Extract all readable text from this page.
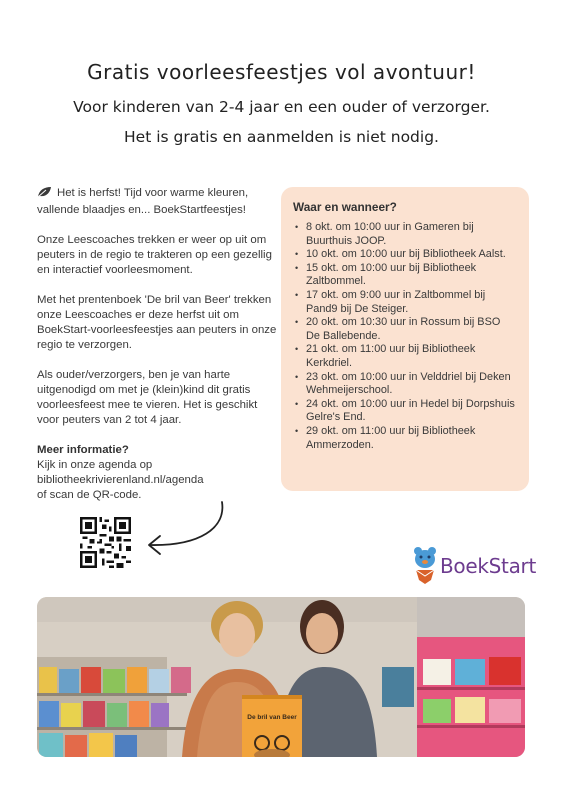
Gratis voorleesfeestjes vol avontuur!
Voor kinderen van 2-4 jaar en een ouder of verzorger.
Het is gratis en aanmelden is niet nodig.

Het is herfst! Tijd voor warme kleuren, vallende blaadjes en... BoekStartfeestjes!

Onze Leescoaches trekken er weer op uit om peuters in de regio te trakteren op een gezellig en interactief voorleesmoment.

Met het prentenboek 'De bril van Beer' trekken onze Leescoaches er deze herfst uit om BoekStart-voorleesfeestjes aan peuters in onze regio te verzorgen.

Als ouder/verzorgers, ben je van harte uitgenodigd om met je (klein)kind dit gratis voorleesfeest mee te vieren. Het is geschikt voor peuters van 2 tot 4 jaar.

Meer informatie?
Kijk in onze agenda op
bibliotheekrivierenland.nl/agenda
of scan de QR-code.
Waar en wanneer?
• 8 okt. om 10:00 uur in Gameren bij Buurthuis JOOP.
• 10 okt. om 10:00 uur bij Bibliotheek Aalst.
• 15 okt. om 10:00 uur bij Bibliotheek Zaltbommel.
• 17 okt. om 9:00 uur in Zaltbommel bij Pand9 bij De Steiger.
• 20 okt. om 10:30 uur in Rossum bij BSO De Ballebende.
• 21 okt. om 11:00 uur bij Bibliotheek Kerkdriel.
• 23 okt. om 10:00 uur in Velddriel bij Deken Wehmeijerschool.
• 24 okt. om 10:00 uur in Hedel bij Dorpshuis Gelre's End.
• 29 okt. om 11:00 uur bij Bibliotheek Ammerzoden.
BoekStart
De bril van Beer
